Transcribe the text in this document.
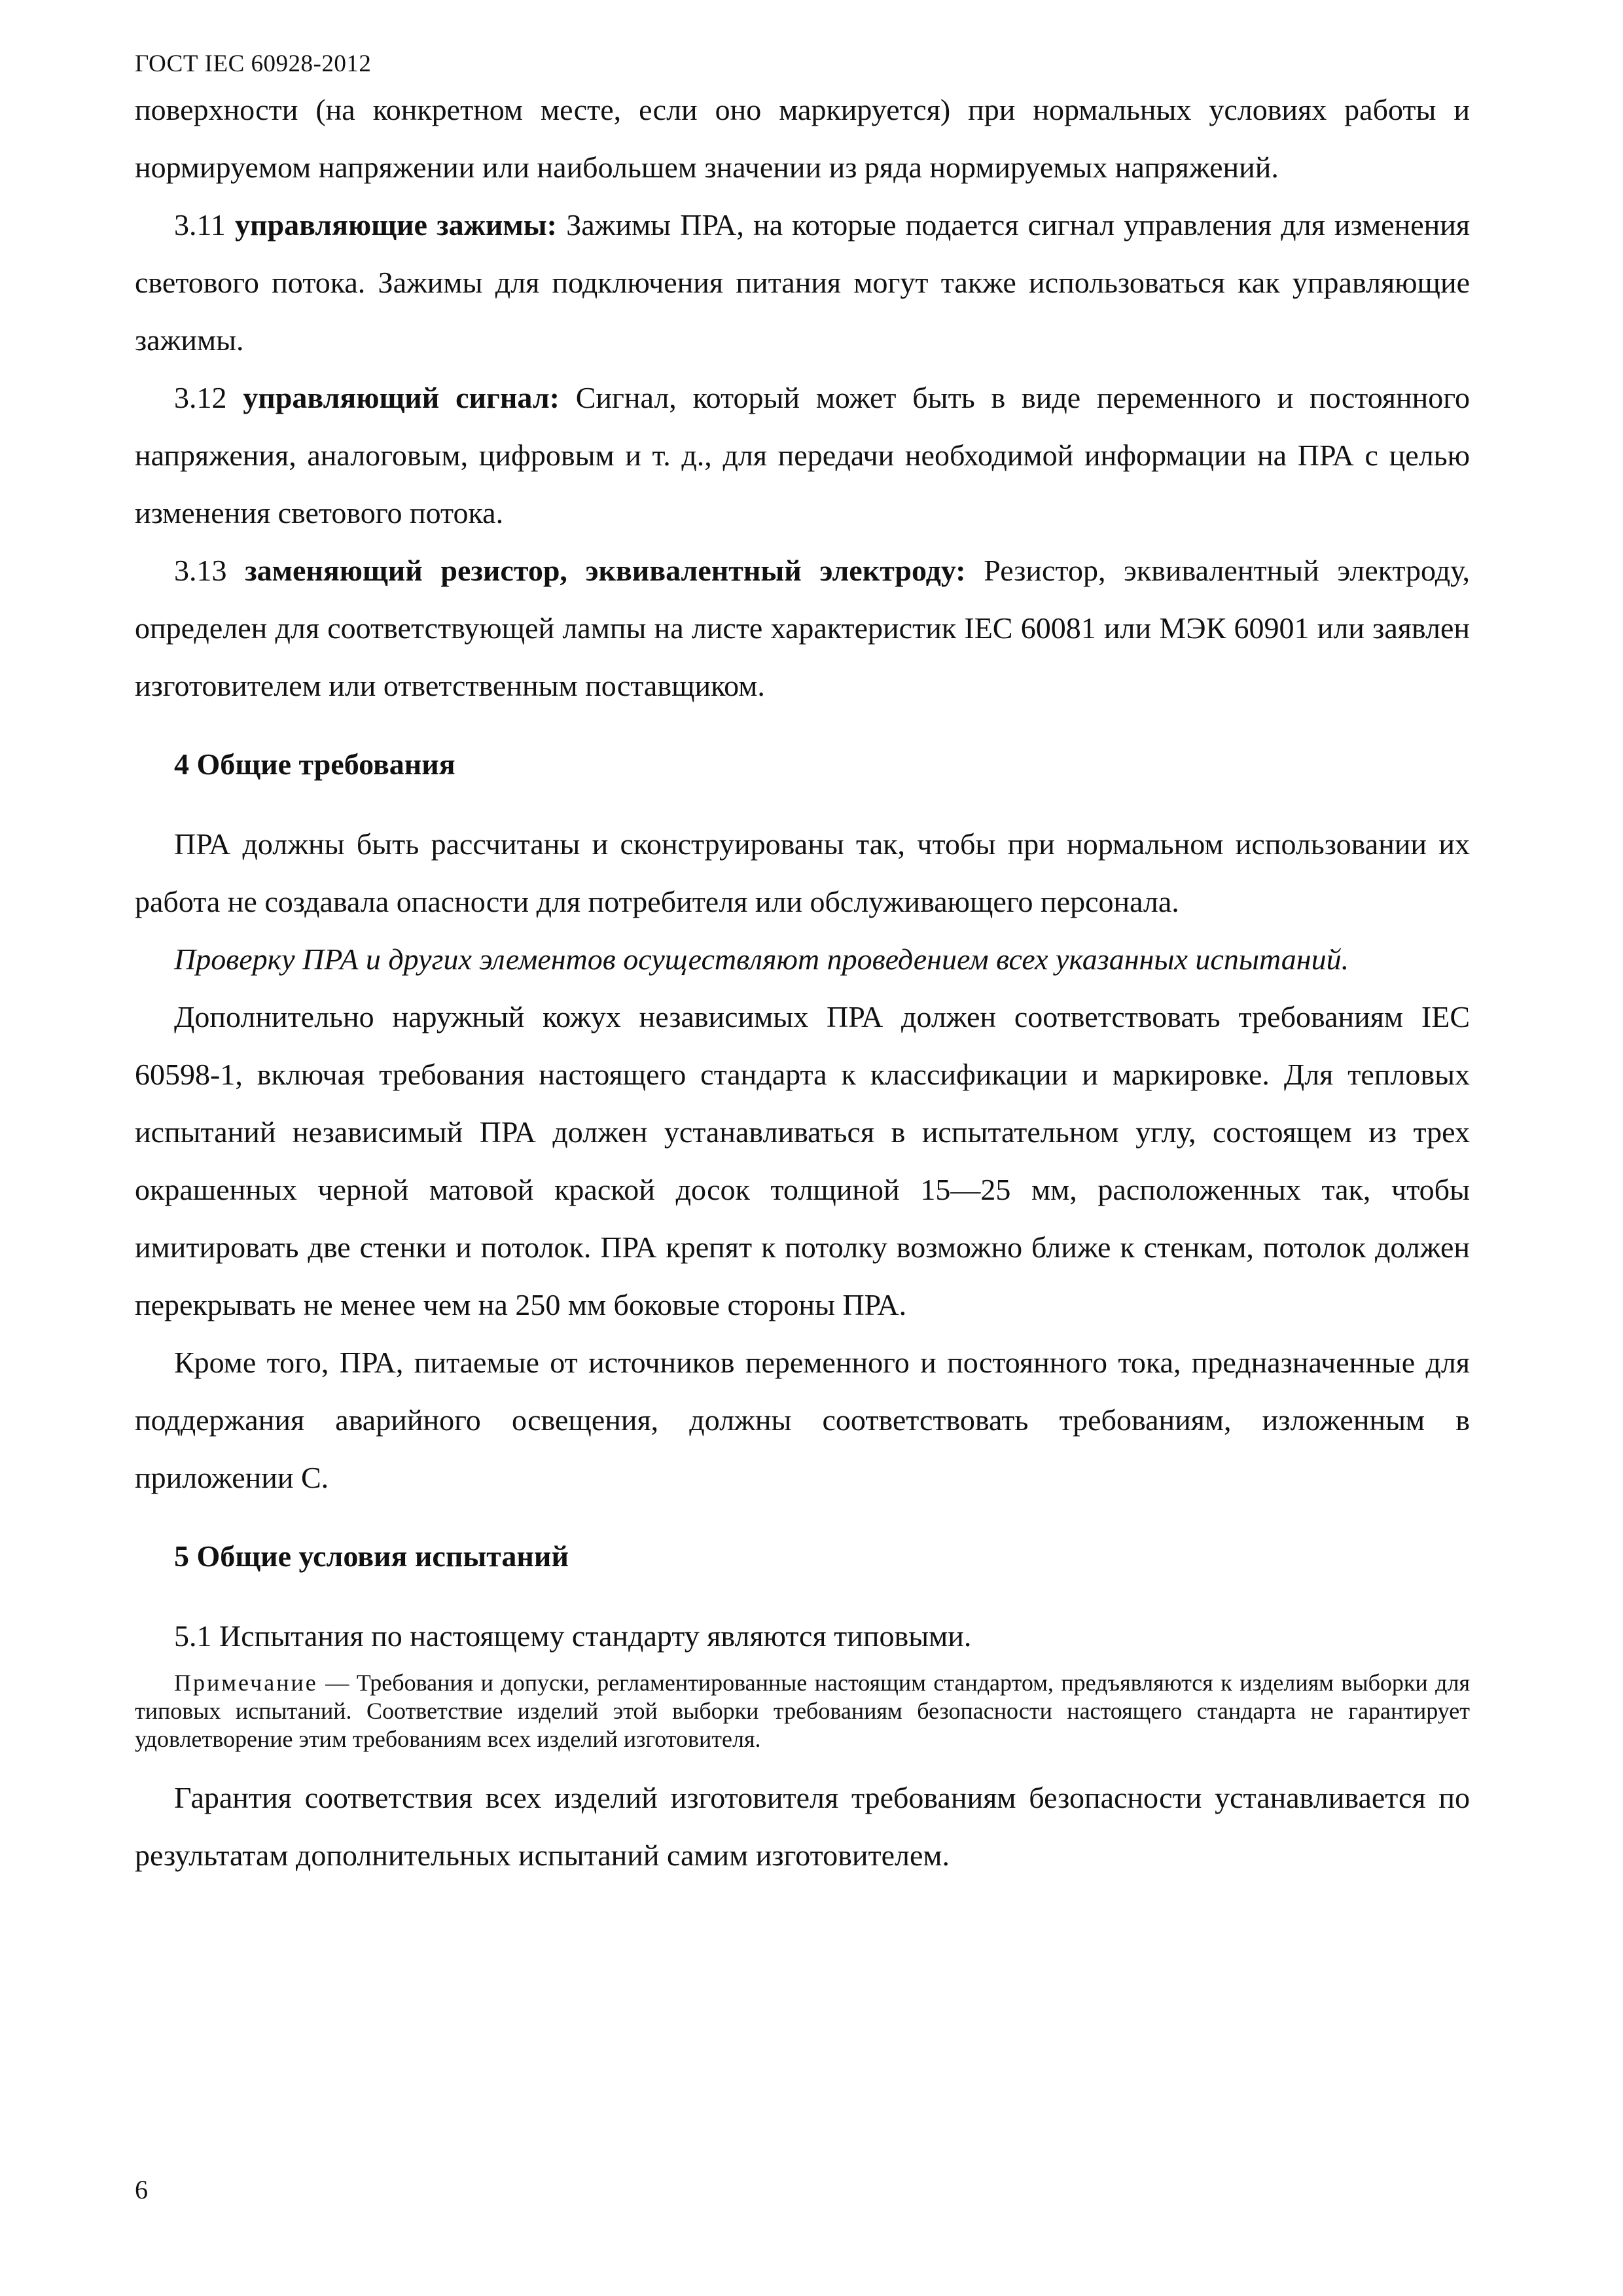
ГОСТ IEC 60928-2012

поверхности (на конкретном месте, если оно маркируется) при нормальных условиях работы и нормируемом напряжении или наибольшем значении из ряда нормируемых напряжений.

3.11 управляющие зажимы: Зажимы ПРА, на которые подается сигнал управления для изменения светового потока. Зажимы для подключения питания могут также использоваться как управляющие зажимы.

3.12 управляющий сигнал: Сигнал, который может быть в виде переменного и постоянного напряжения, аналоговым, цифровым и т. д., для передачи необходимой информации на ПРА с целью изменения светового потока.

3.13 заменяющий резистор, эквивалентный электроду: Резистор, эквивалентный электроду, определен для соответствующей лампы на листе характеристик IEC 60081 или МЭК 60901 или заявлен изготовителем или ответственным поставщиком.

4 Общие требования

ПРА должны быть рассчитаны и сконструированы так, чтобы при нормальном использовании их работа не создавала опасности для потребителя или обслуживающего персонала.

Проверку ПРА и других элементов осуществляют проведением всех указанных испытаний.

Дополнительно наружный кожух независимых ПРА должен соответствовать требованиям IEC 60598-1, включая требования настоящего стандарта к классификации и маркировке. Для тепловых испытаний независимый ПРА должен устанавливаться в испытательном углу, состоящем из трех окрашенных черной матовой краской досок толщиной 15—25 мм, расположенных так, чтобы имитировать две стенки и потолок. ПРА крепят к потолку возможно ближе к стенкам, потолок должен перекрывать не менее чем на 250 мм боковые стороны ПРА.

Кроме того, ПРА, питаемые от источников переменного и постоянного тока, предназначенные для поддержания аварийного освещения, должны соответствовать требованиям, изложенным в приложении С.

5 Общие условия испытаний

5.1 Испытания по настоящему стандарту являются типовыми.

Примечание — Требования и допуски, регламентированные настоящим стандартом, предъявляются к изделиям выборки для типовых испытаний. Соответствие изделий этой выборки требованиям безопасности настоящего стандарта не гарантирует удовлетворение этим требованиям всех изделий изготовителя.

Гарантия соответствия всех изделий изготовителя требованиям безопасности устанавливается по результатам дополнительных испытаний самим изготовителем.

6
